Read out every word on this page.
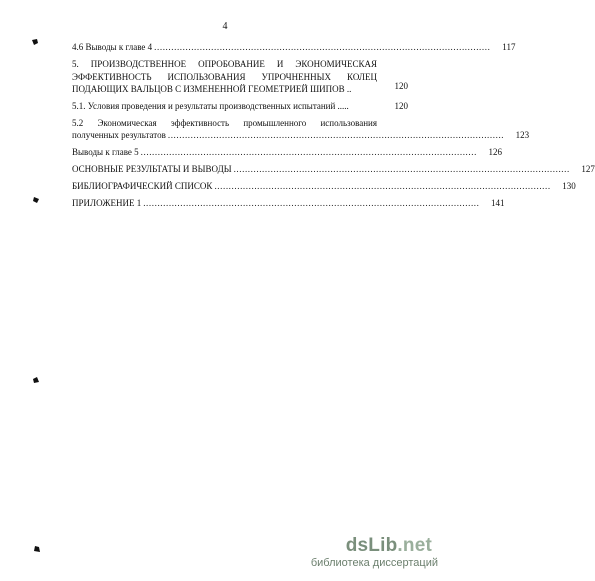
4
4.6 Выводы к главе 4 ......................................................................................................................	117
5. ПРОИЗВОДСТВЕННОЕ ОПРОБОВАНИЕ И ЭКОНОМИЧЕСКАЯ
ЭФФЕКТИВНОСТЬ ИСПОЛЬЗОВАНИЯ УПРОЧНЕННЫХ КОЛЕЦ
ПОДАЮЩИХ ВАЛЬЦОВ С ИЗМЕНЕННОЙ ГЕОМЕТРИЕЙ ШИПОВ ..	120
5.1. Условия проведения и результаты производственных испытаний .....	120
5.2 Экономическая эффективность промышленного использования
полученных результатов ......................................................................................................................	123
Выводы к главе 5 ......................................................................................................................	126
ОСНОВНЫЕ РЕЗУЛЬТАТЫ И ВЫВОДЫ ......................................................................................................................	127
БИБЛИОГРАФИЧЕСКИЙ СПИСОК ......................................................................................................................	130
ПРИЛОЖЕНИЕ 1 ......................................................................................................................	141
dsLib.net
библиотека диссертаций
